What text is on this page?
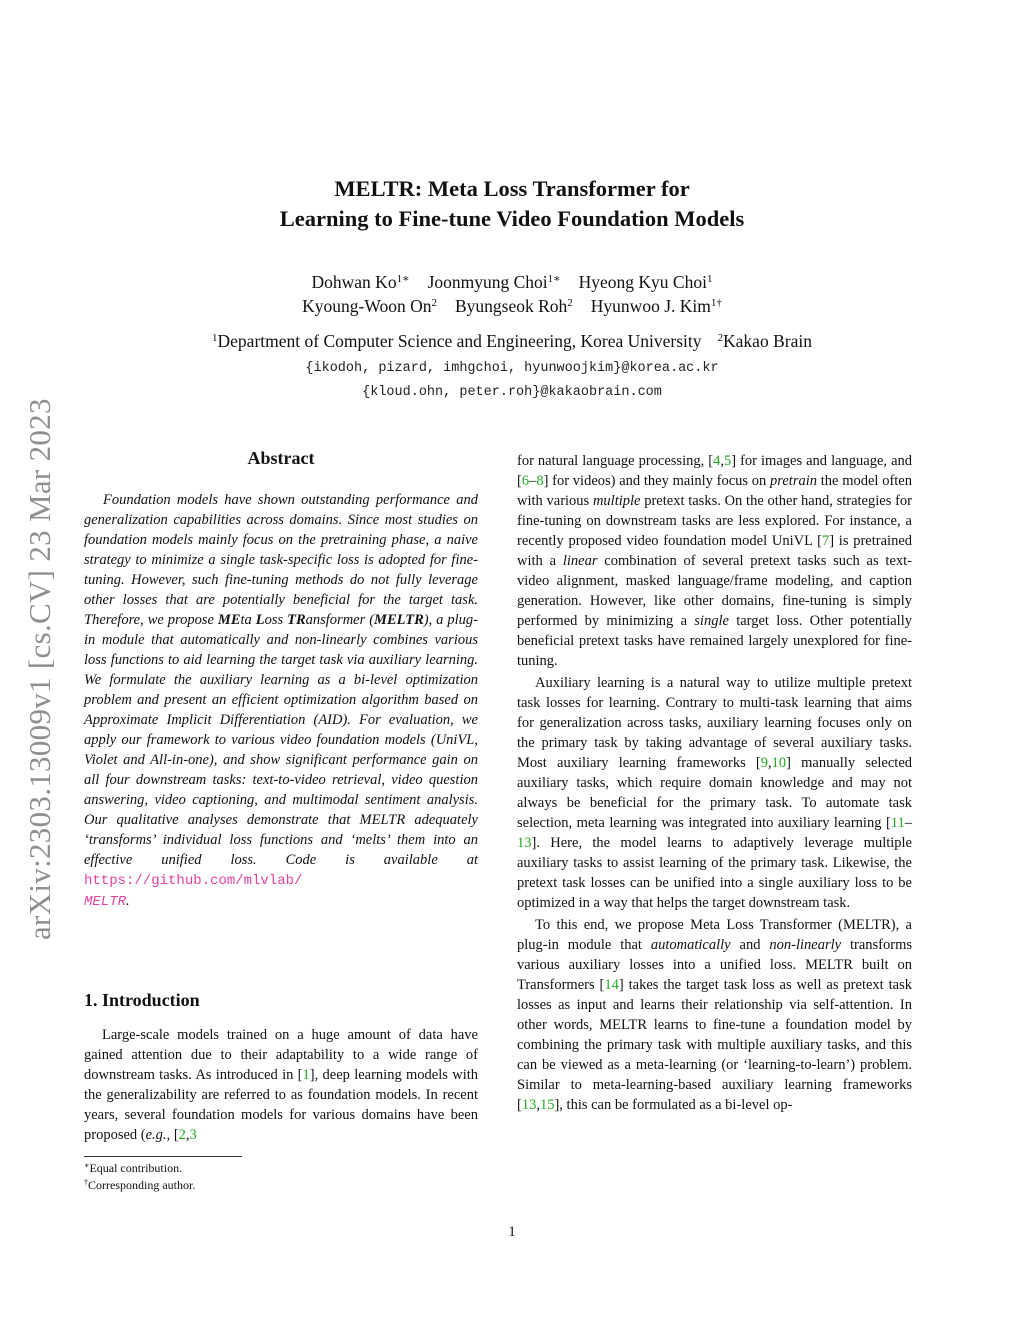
arXiv:2303.13009v1 [cs.CV] 23 Mar 2023
MELTR: Meta Loss Transformer for
Learning to Fine-tune Video Foundation Models
Dohwan $Ko^{1∗}$ Joonmyung Choi$^{1∗}$ Hyeong Kyu Choi$^1$
Kyoung-Woon On$^2$ Byungseok Roh$^2$ Hyunwoo J. Kim$^{1\dagger}$
$^1$Department of Computer Science and Engineering, Korea University $^2$Kakao Brain
{ikodoh, pizard, imhgchoi, hyunwoojkim}@korea.ac.kr
{kloud.ohn, peter.roh}@kakaobrain.com
Abstract

Foundation models have shown outstanding performance and generalization capabilities across domains. Since most studies on foundation models mainly focus on the pretraining phase, a naive strategy to minimize a single task-specific loss is adopted for fine-tuning. However, such fine-tuning methods do not fully leverage other losses that are potentially beneficial for the target task. Therefore, we propose MEta Loss TRansformer (MELTR), a plug-in module that automatically and non-linearly combines various loss functions to aid learning the target task via auxiliary learning. We formulate the auxiliary learning as a bi-level optimization problem and present an efficient optimization algorithm based on Approximate Implicit Differentiation (AID). For evaluation, we apply our framework to various video foundation models (UniVL, Violet and All-in-one), and show significant performance gain on all four downstream tasks: text-to-video retrieval, video question answering, video captioning, and multimodal sentiment analysis. Our qualitative analyses demonstrate that MELTR adequately ‘transforms’ individual loss functions and ‘melts’ them into an effective unified loss. Code is available at https://github.com/mlvlab/
MELTR.

1. Introduction

Large-scale models trained on a huge amount of data have gained attention due to their adaptability to a wide range of downstream tasks. As introduced in [1], deep learning models with the generalizability are referred to as foundation models. In recent years, several foundation models for various domains have been proposed (e.g., [2,3

∗Equal contribution.
†Corresponding author.

for natural language processing, [4,5] for images and language, and [6–8] for videos) and they mainly focus on pretrain the model often with various multiple pretext tasks. On the other hand, strategies for fine-tuning on downstream tasks are less explored. For instance, a recently proposed video foundation model UniVL [7] is pretrained with a linear combination of several pretext tasks such as text-video alignment, masked language/frame modeling, and caption generation. However, like other domains, fine-tuning is simply performed by minimizing a single target loss. Other potentially beneficial pretext tasks have remained largely unexplored for fine-tuning.

Auxiliary learning is a natural way to utilize multiple pretext task losses for learning. Contrary to multi-task learning that aims for generalization across tasks, auxiliary learning focuses only on the primary task by taking advantage of several auxiliary tasks. Most auxiliary learning frameworks [9,10] manually selected auxiliary tasks, which require domain knowledge and may not always be beneficial for the primary task. To automate task selection, meta learning was integrated into auxiliary learning [11–13]. Here, the model learns to adaptively leverage multiple auxiliary tasks to assist learning of the primary task. Likewise, the pretext task losses can be unified into a single auxiliary loss to be optimized in a way that helps the target downstream task.

To this end, we propose Meta Loss Transformer (MELTR), a plug-in module that automatically and non-linearly transforms various auxiliary losses into a unified loss. MELTR built on Transformers [14] takes the target task loss as well as pretext task losses as input and learns their relationship via self-attention. In other words, MELTR learns to fine-tune a foundation model by combining the primary task with multiple auxiliary tasks, and this can be viewed as a meta-learning (or ‘learning-to-learn’) problem. Similar to meta-learning-based auxiliary learning frameworks [13,15], this can be formulated as a bi-level op-

1
